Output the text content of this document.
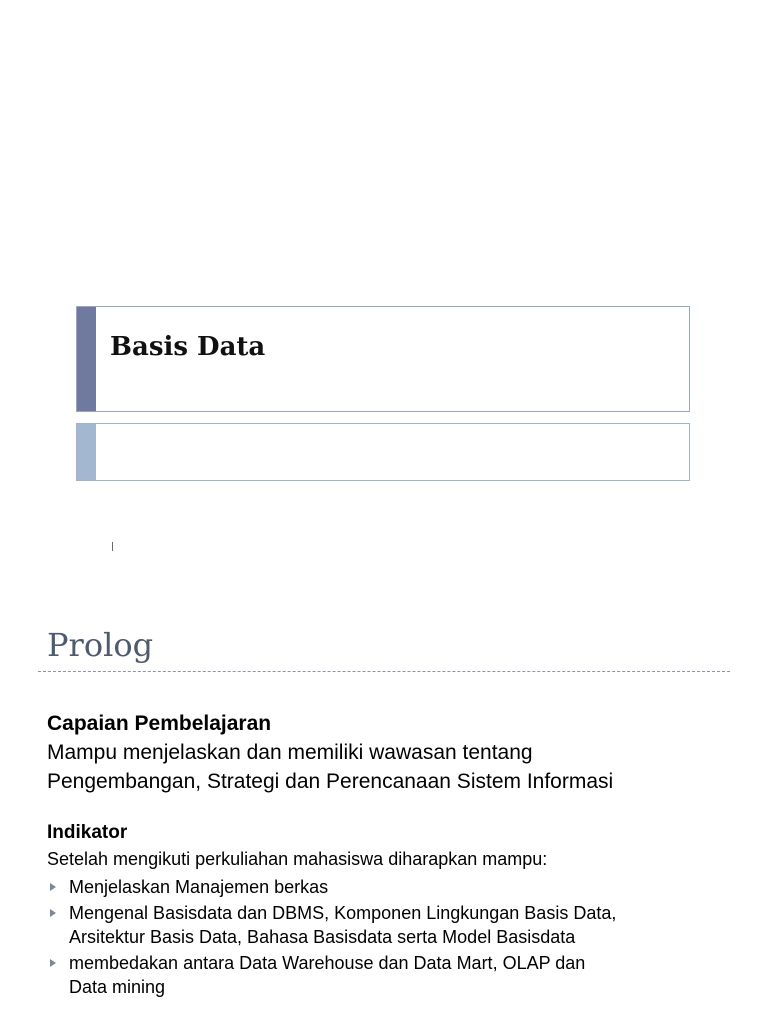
Basis Data
Prolog
Capaian Pembelajaran
Mampu menjelaskan dan memiliki wawasan tentang
Pengembangan, Strategi dan Perencanaan Sistem Informasi
Indikator
Setelah mengikuti perkuliahan mahasiswa diharapkan mampu:
Menjelaskan Manajemen berkas
Mengenal Basisdata dan DBMS, Komponen Lingkungan Basis Data,
Arsitektur Basis Data, Bahasa Basisdata serta Model Basisdata
membedakan antara Data Warehouse dan Data Mart, OLAP dan
Data mining
